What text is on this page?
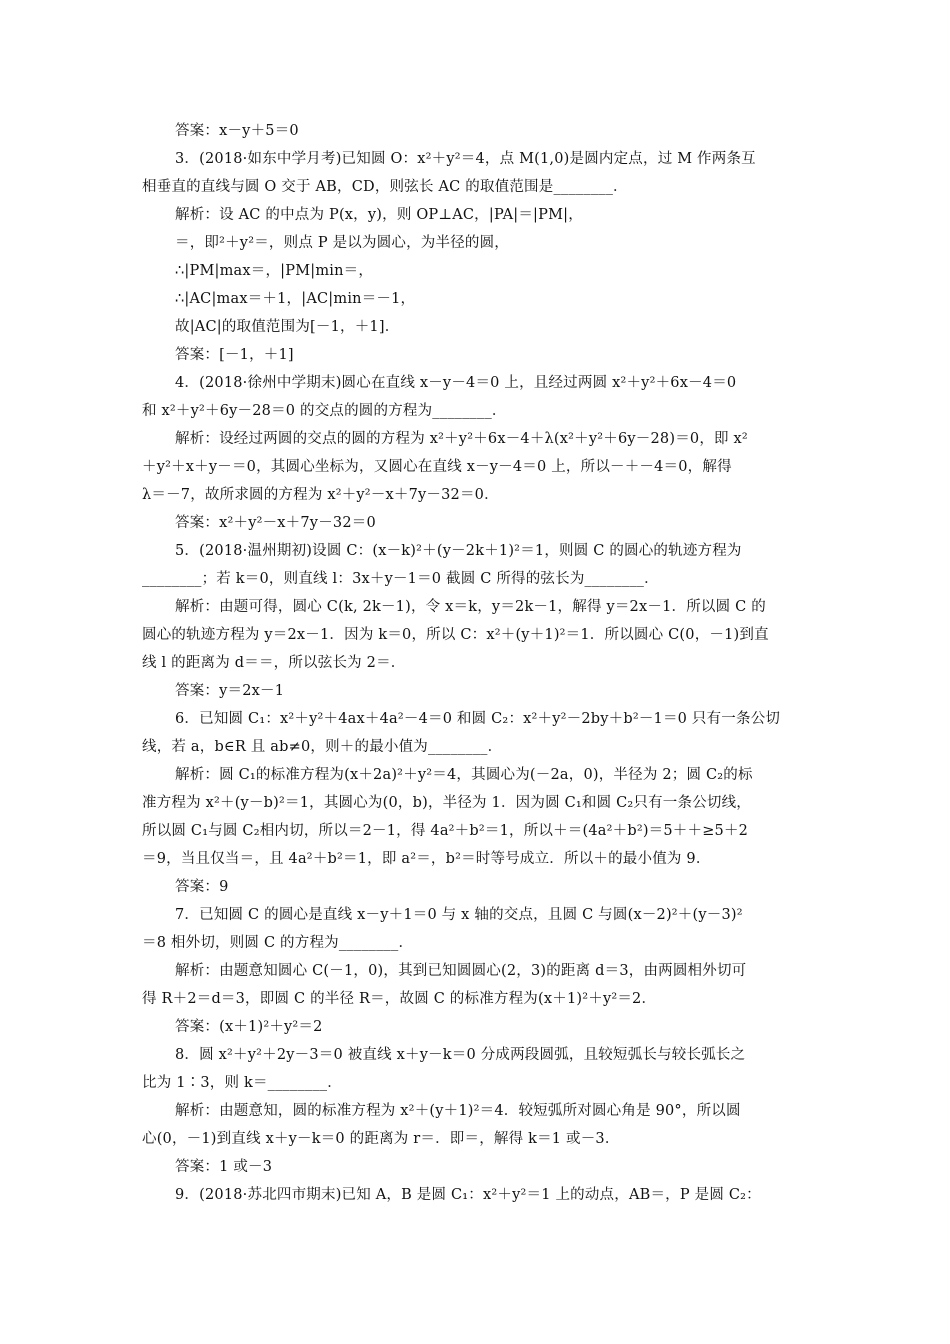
答案：x－y＋5＝0
3．(2018·如东中学月考)已知圆 O：x²＋y²＝4，点 M(1,0)是圆内定点，过 M 作两条互
相垂直的直线与圆 O 交于 AB，CD，则弦长 AC 的取值范围是________．
解析：设 AC 的中点为 P(x，y)，则 OP⊥AC，|PA|＝|PM|，
＝，即²＋y²＝，则点 P 是以为圆心，为半径的圆，
∴|PM|max＝，|PM|min＝，
∴|AC|max＝＋1，|AC|min＝－1，
故|AC|的取值范围为[－1，＋1]．
答案：[－1，＋1]
4．(2018·徐州中学期末)圆心在直线 x－y－4＝0 上，且经过两圆 x²＋y²＋6x－4＝0
和 x²＋y²＋6y－28＝0 的交点的圆的方程为________．
解析：设经过两圆的交点的圆的方程为 x²＋y²＋6x－4＋λ(x²＋y²＋6y－28)＝0，即 x²
＋y²＋x＋y－＝0，其圆心坐标为，又圆心在直线 x－y－4＝0 上，所以－＋－4＝0，解得
λ＝－7，故所求圆的方程为 x²＋y²－x＋7y－32＝0．
答案：x²＋y²－x＋7y－32＝0
5．(2018·温州期初)设圆 C：(x－k)²＋(y－2k＋1)²＝1，则圆 C 的圆心的轨迹方程为
________；若 k＝0，则直线 l：3x＋y－1＝0 截圆 C 所得的弦长为________．
解析：由题可得，圆心 C(k, 2k－1)，令 x＝k，y＝2k－1，解得 y＝2x－1．所以圆 C 的
圆心的轨迹方程为 y＝2x－1．因为 k＝0，所以 C：x²＋(y＋1)²＝1．所以圆心 C(0，－1)到直
线 l 的距离为 d＝＝，所以弦长为 2＝．
答案：y＝2x－1
6．已知圆 C₁：x²＋y²＋4ax＋4a²－4＝0 和圆 C₂：x²＋y²－2by＋b²－1＝0 只有一条公切
线，若 a，b∈R 且 ab≠0，则＋的最小值为________．
解析：圆 C₁的标准方程为(x＋2a)²＋y²＝4，其圆心为(－2a，0)，半径为 2；圆 C₂的标
准方程为 x²＋(y－b)²＝1，其圆心为(0，b)，半径为 1．因为圆 C₁和圆 C₂只有一条公切线，
所以圆 C₁与圆 C₂相内切，所以＝2－1，得 4a²＋b²＝1，所以＋＝(4a²＋b²)＝5＋＋≥5＋2
＝9，当且仅当＝，且 4a²＋b²＝1，即 a²＝，b²＝时等号成立．所以＋的最小值为 9．
答案：9
7．已知圆 C 的圆心是直线 x－y＋1＝0 与 x 轴的交点，且圆 C 与圆(x－2)²＋(y－3)²
＝8 相外切，则圆 C 的方程为________．
解析：由题意知圆心 C(－1，0)，其到已知圆圆心(2，3)的距离 d＝3，由两圆相外切可
得 R＋2＝d＝3，即圆 C 的半径 R＝，故圆 C 的标准方程为(x＋1)²＋y²＝2．
答案：(x＋1)²＋y²＝2
8．圆 x²＋y²＋2y－3＝0 被直线 x＋y－k＝0 分成两段圆弧，且较短弧长与较长弧长之
比为 1∶3，则 k＝________．
解析：由题意知，圆的标准方程为 x²＋(y＋1)²＝4．较短弧所对圆心角是 90°，所以圆
心(0，－1)到直线 x＋y－k＝0 的距离为 r＝．即＝，解得 k＝1 或－3．
答案：1 或－3
9．(2018·苏北四市期末)已知 A，B 是圆 C₁：x²＋y²＝1 上的动点，AB＝，P 是圆 C₂：
